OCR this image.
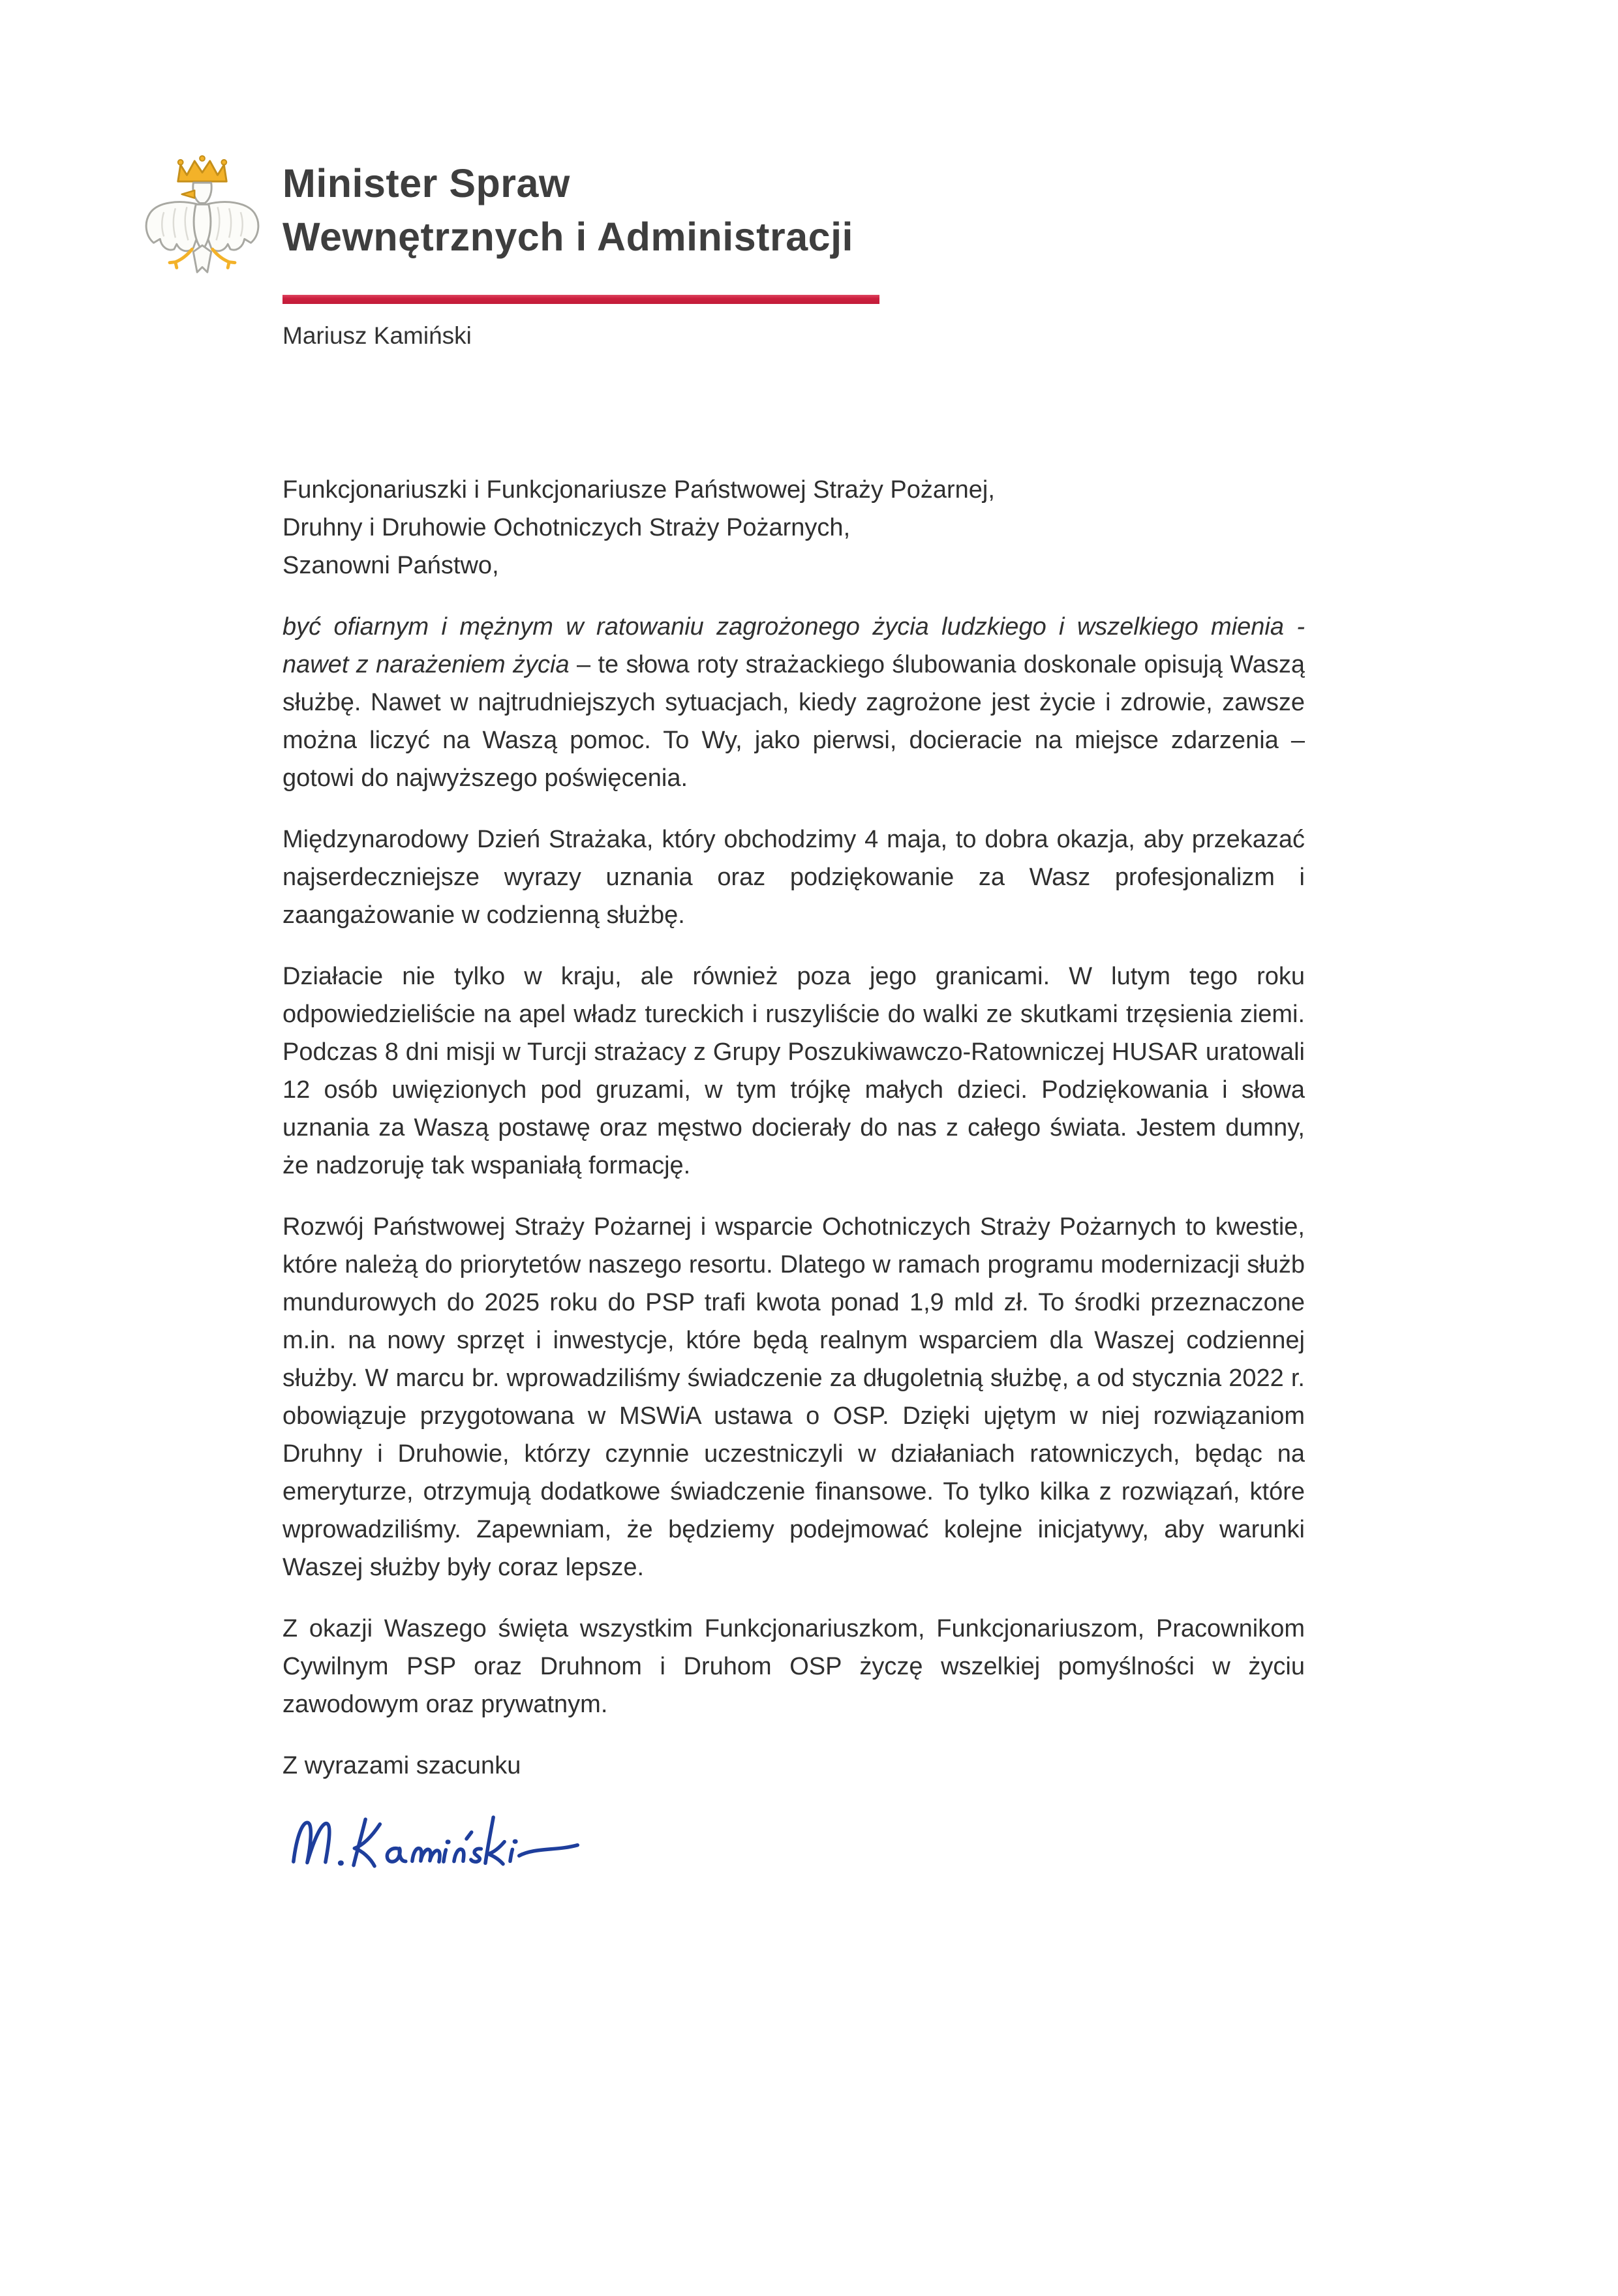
Minister Spraw
Wewnętrznych i Administracji
Mariusz Kamiński

Funkcjonariuszki i Funkcjonariusze Państwowej Straży Pożarnej,

Druhny i Druhowie Ochotniczych Straży Pożarnych,

Szanowni Państwo,

być ofiarnym i mężnym w ratowaniu zagrożonego życia ludzkiego i wszelkiego mienia - nawet z narażeniem życia – te słowa roty strażackiego ślubowania doskonale opisują Waszą służbę. Nawet w najtrudniejszych sytuacjach, kiedy zagrożone jest życie i zdrowie, zawsze można liczyć na Waszą pomoc. To Wy, jako pierwsi, docieracie na miejsce zdarzenia – gotowi do najwyższego poświęcenia.

Międzynarodowy Dzień Strażaka, który obchodzimy 4 maja, to dobra okazja, aby przekazać najserdeczniejsze wyrazy uznania oraz podziękowanie za Wasz profesjonalizm i zaangażowanie w codzienną służbę.

Działacie nie tylko w kraju, ale również poza jego granicami. W lutym tego roku odpowiedzieliście na apel władz tureckich i ruszyliście do walki ze skutkami trzęsienia ziemi. Podczas 8 dni misji w Turcji strażacy z Grupy Poszukiwawczo-Ratowniczej HUSAR uratowali 12 osób uwięzionych pod gruzami, w tym trójkę małych dzieci. Podziękowania i słowa uznania za Waszą postawę oraz męstwo docierały do nas z całego świata. Jestem dumny, że nadzoruję tak wspaniałą formację.

Rozwój Państwowej Straży Pożarnej i wsparcie Ochotniczych Straży Pożarnych to kwestie, które należą do priorytetów naszego resortu. Dlatego w ramach programu modernizacji służb mundurowych do 2025 roku do PSP trafi kwota ponad 1,9 mld zł. To środki przeznaczone m.in. na nowy sprzęt i inwestycje, które będą realnym wsparciem dla Waszej codziennej służby. W marcu br. wprowadziliśmy świadczenie za długoletnią służbę, a od stycznia 2022 r. obowiązuje przygotowana w MSWiA ustawa o OSP. Dzięki ujętym w niej rozwiązaniom Druhny i Druhowie, którzy czynnie uczestniczyli w działaniach ratowniczych, będąc na emeryturze, otrzymują dodatkowe świadczenie finansowe. To tylko kilka z rozwiązań, które wprowadziliśmy. Zapewniam, że będziemy podejmować kolejne inicjatywy, aby warunki Waszej służby były coraz lepsze.

Z okazji Waszego święta wszystkim Funkcjonariuszkom, Funkcjonariuszom, Pracownikom Cywilnym PSP oraz Druhnom i Druhom OSP życzę wszelkiej pomyślności w życiu zawodowym oraz prywatnym.

Z wyrazami szacunku
